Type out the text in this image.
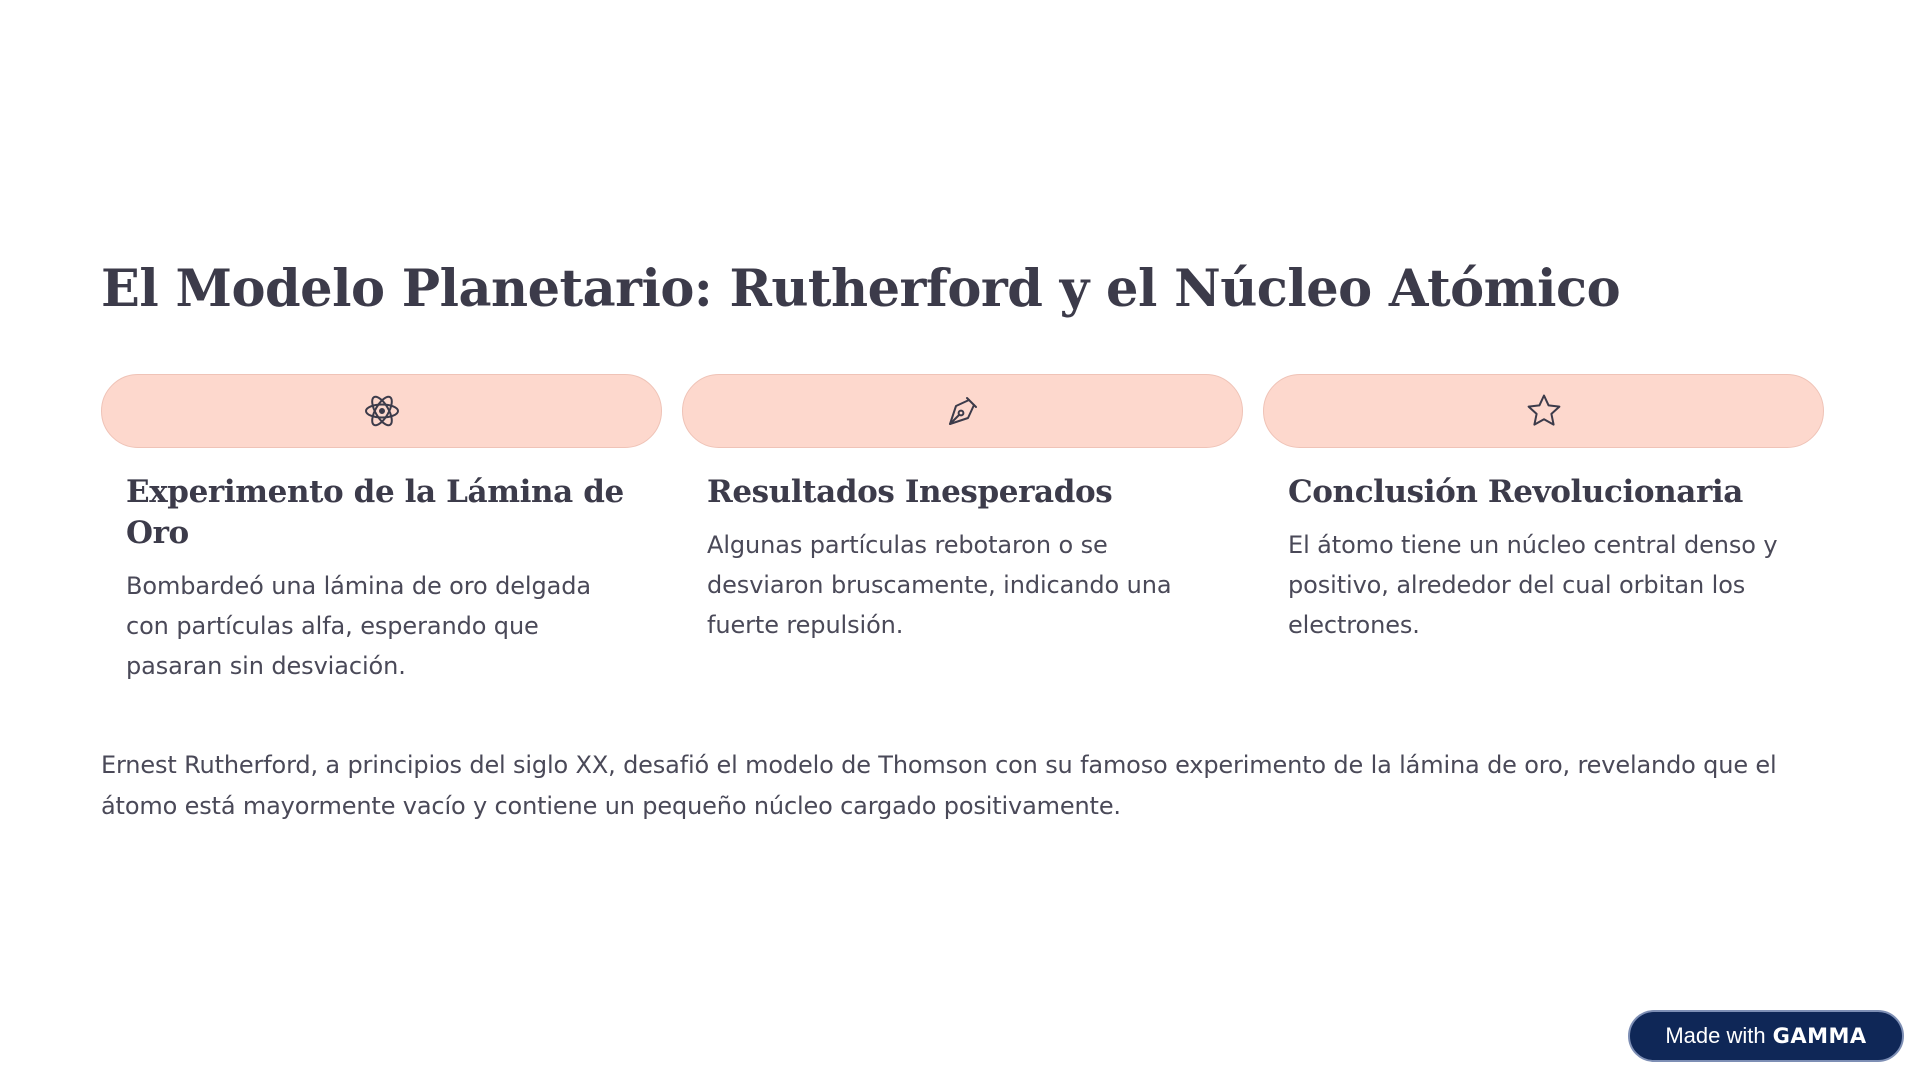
El Modelo Planetario: Rutherford y el Núcleo Atómico
Experimento de la Lámina de Oro

Bombardeó una lámina de oro delgada con partículas alfa, esperando que pasaran sin desviación.

Resultados Inesperados

Algunas partículas rebotaron o se desviaron bruscamente, indicando una fuerte repulsión.

Conclusión Revolucionaria

El átomo tiene un núcleo central denso y positivo, alrededor del cual orbitan los electrones.

Ernest Rutherford, a principios del siglo XX, desafió el modelo de Thomson con su famoso experimento de la lámina de oro, revelando que el átomo está mayormente vacío y contiene un pequeño núcleo cargado positivamente.

Made with GAMMA
